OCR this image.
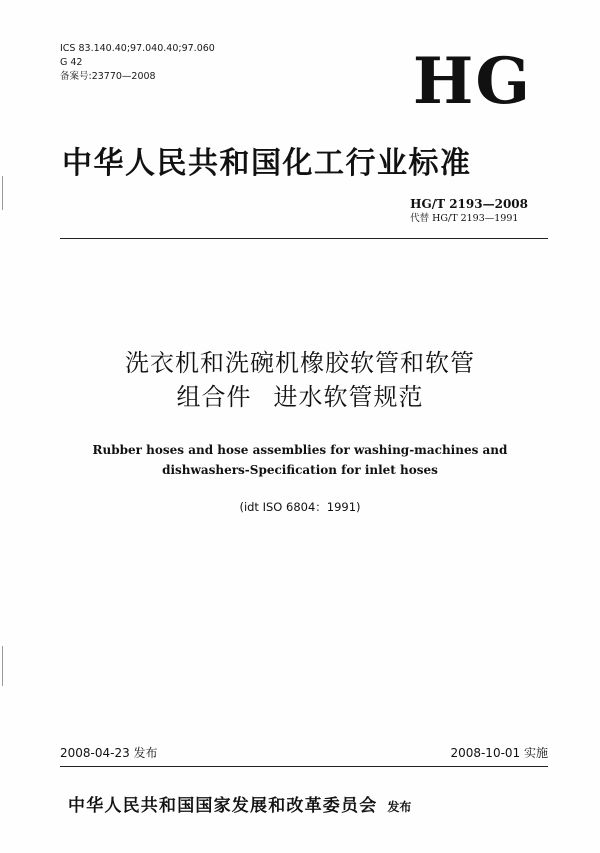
ICS 83.140.40;97.040.40;97.060
G 42
备案号:23770—2008	HG
中华人民共和国化工行业标准
HG/T 2193—2008
代替 HG/T 2193—1991
洗衣机和洗碗机橡胶软管和软管
组合件 进水软管规范
Rubber hoses and hose assemblies for washing-machines and
dishwashers-Specification for inlet hoses
(idt ISO 6804：1991)
2008-04-23 发布	2008-10-01 实施
中华人民共和国国家发展和改革委员会 发布
